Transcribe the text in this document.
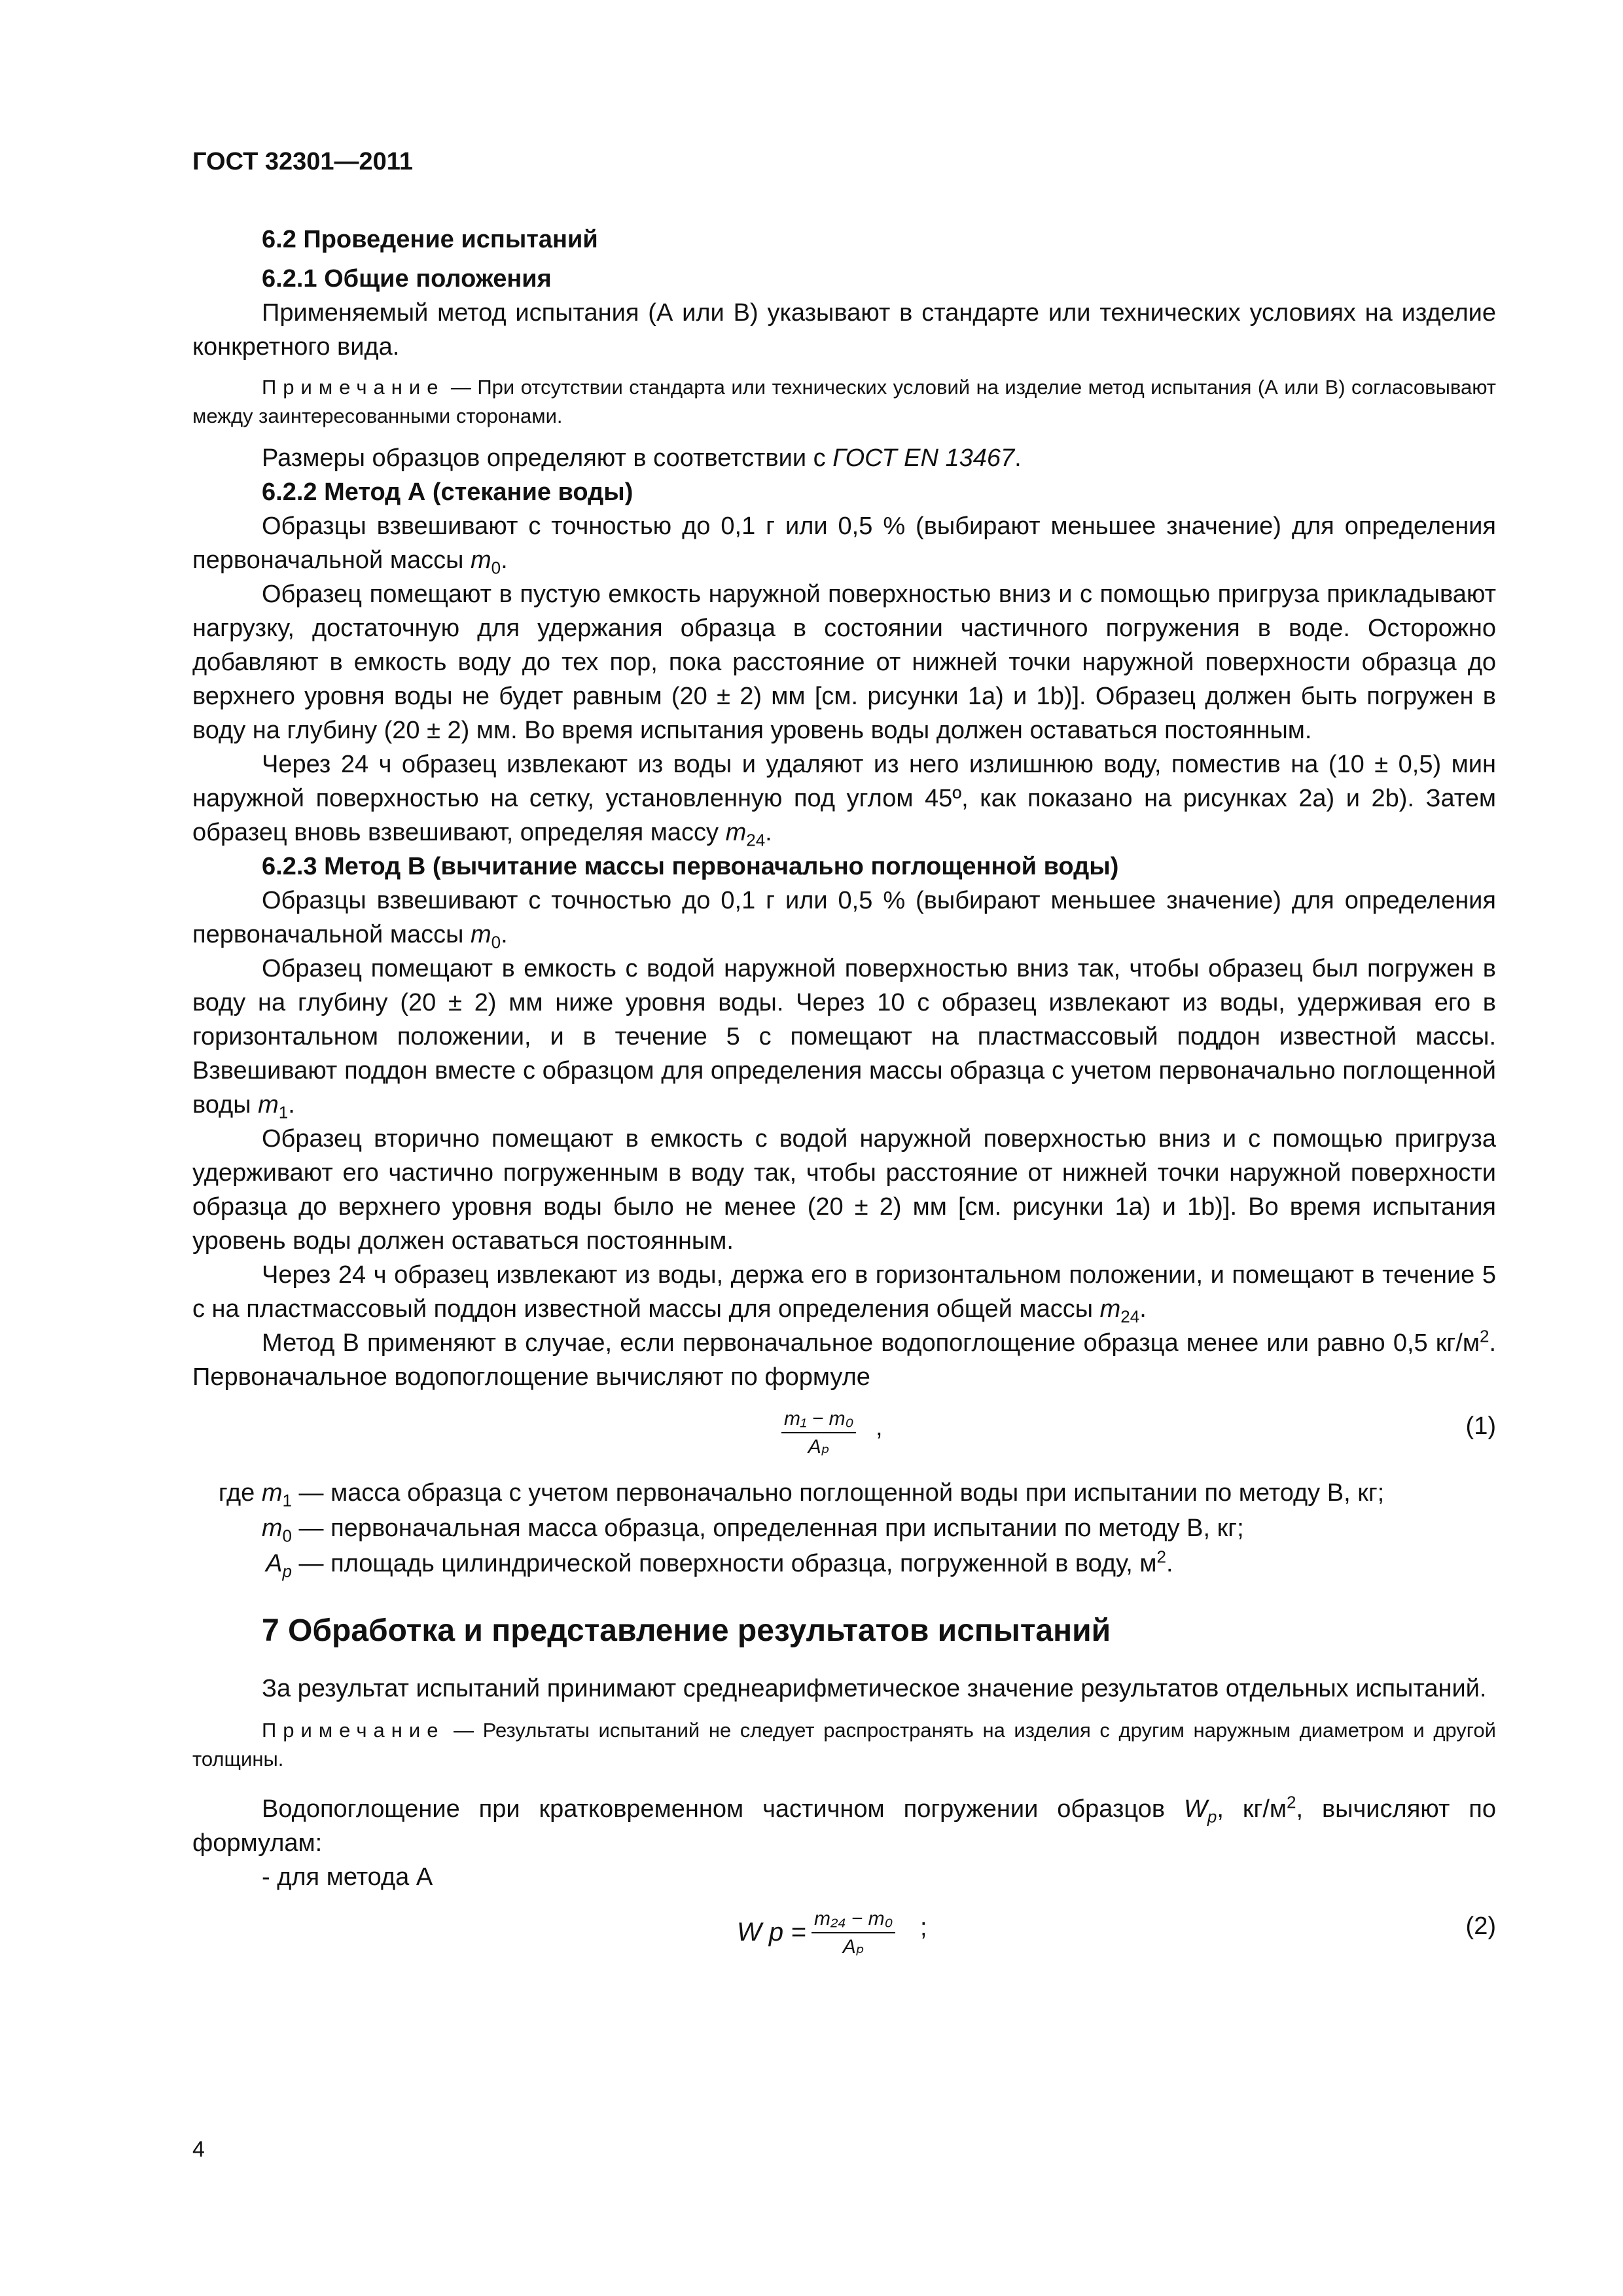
ГОСТ 32301—2011

6.2 Проведение испытаний

6.2.1 Общие положения

Применяемый метод испытания (А или В) указывают в стандарте или технических условиях на изделие конкретного вида.

Примечание — При отсутствии стандарта или технических условий на изделие метод испытания (А или В) согласовывают между заинтересованными сторонами.

Размеры образцов определяют в соответствии с ГОСТ EN 13467.

6.2.2 Метод А (стекание воды)

Образцы взвешивают с точностью до 0,1 г или 0,5 % (выбирают меньшее значение) для определения первоначальной массы $m_0$.

Образец помещают в пустую емкость наружной поверхностью вниз и с помощью пригруза прикладывают нагрузку, достаточную для удержания образца в состоянии частичного погружения в воде. Осторожно добавляют в емкость воду до тех пор, пока расстояние от нижней точки наружной поверхности образца до верхнего уровня воды не будет равным (20 ± 2) мм [см. рисунки 1a) и 1b)]. Образец должен быть погружен в воду на глубину (20 ± 2) мм. Во время испытания уровень воды должен оставаться постоянным.

Через 24 ч образец извлекают из воды и удаляют из него излишнюю воду, поместив на (10 ± 0,5) мин наружной поверхностью на сетку, установленную под углом 45º, как показано на рисунках 2a) и 2b). Затем образец вновь взвешивают, определяя массу $m_{24}$.

6.2.3 Метод В (вычитание массы первоначально поглощенной воды)

Образцы взвешивают с точностью до 0,1 г или 0,5 % (выбирают меньшее значение) для определения первоначальной массы $m_0$.

Образец помещают в емкость с водой наружной поверхностью вниз так, чтобы образец был погружен в воду на глубину (20 ± 2) мм ниже уровня воды. Через 10 с образец извлекают из воды, удерживая его в горизонтальном положении, и в течение 5 с помещают на пластмассовый поддон известной массы. Взвешивают поддон вместе с образцом для определения массы образца с учетом первоначально поглощенной воды $m_1$.

Образец вторично помещают в емкость с водой наружной поверхностью вниз и с помощью пригруза удерживают его частично погруженным в воду так, чтобы расстояние от нижней точки наружной поверхности образца до верхнего уровня воды было не менее (20 ± 2) мм [см. рисунки 1a) и 1b)]. Во время испытания уровень воды должен оставаться постоянным.

Через 24 ч образец извлекают из воды, держа его в горизонтальном положении, и помещают в течение 5 с на пластмассовый поддон известной массы для определения общей массы $m_{24}$.

Метод В применяют в случае, если первоначальное водопоглощение образца менее или равно 0,5 $кг/м^2$. Первоначальное водопоглощение вычисляют по формуле

$\frac{\text{m₁ − m₀}}{\text{Aₚ}}$ ,	(1)

где $m_1$ — масса образца с учетом первоначально поглощенной воды при испытании по методу В, кг;

$m_0$ — первоначальная масса образца, определенная при испытании по методу В, кг;

$A_p$ — площадь цилиндрической поверхности образца, погруженной в воду, $м^2$.

7 Обработка и представление результатов испытаний

За результат испытаний принимают среднеарифметическое значение результатов отдельных испытаний.

Примечание — Результаты испытаний не следует распространять на изделия с другим наружным диаметром и другой толщины.

Водопоглощение при кратковременном частичном погружении образцов $W_p$, $кг/м^2$, вычисляют по формулам:

- для метода А

W $p = \frac{\text{m₂₄ − m₀}}{\text{Aₚ}}$ ;	(2)
4
